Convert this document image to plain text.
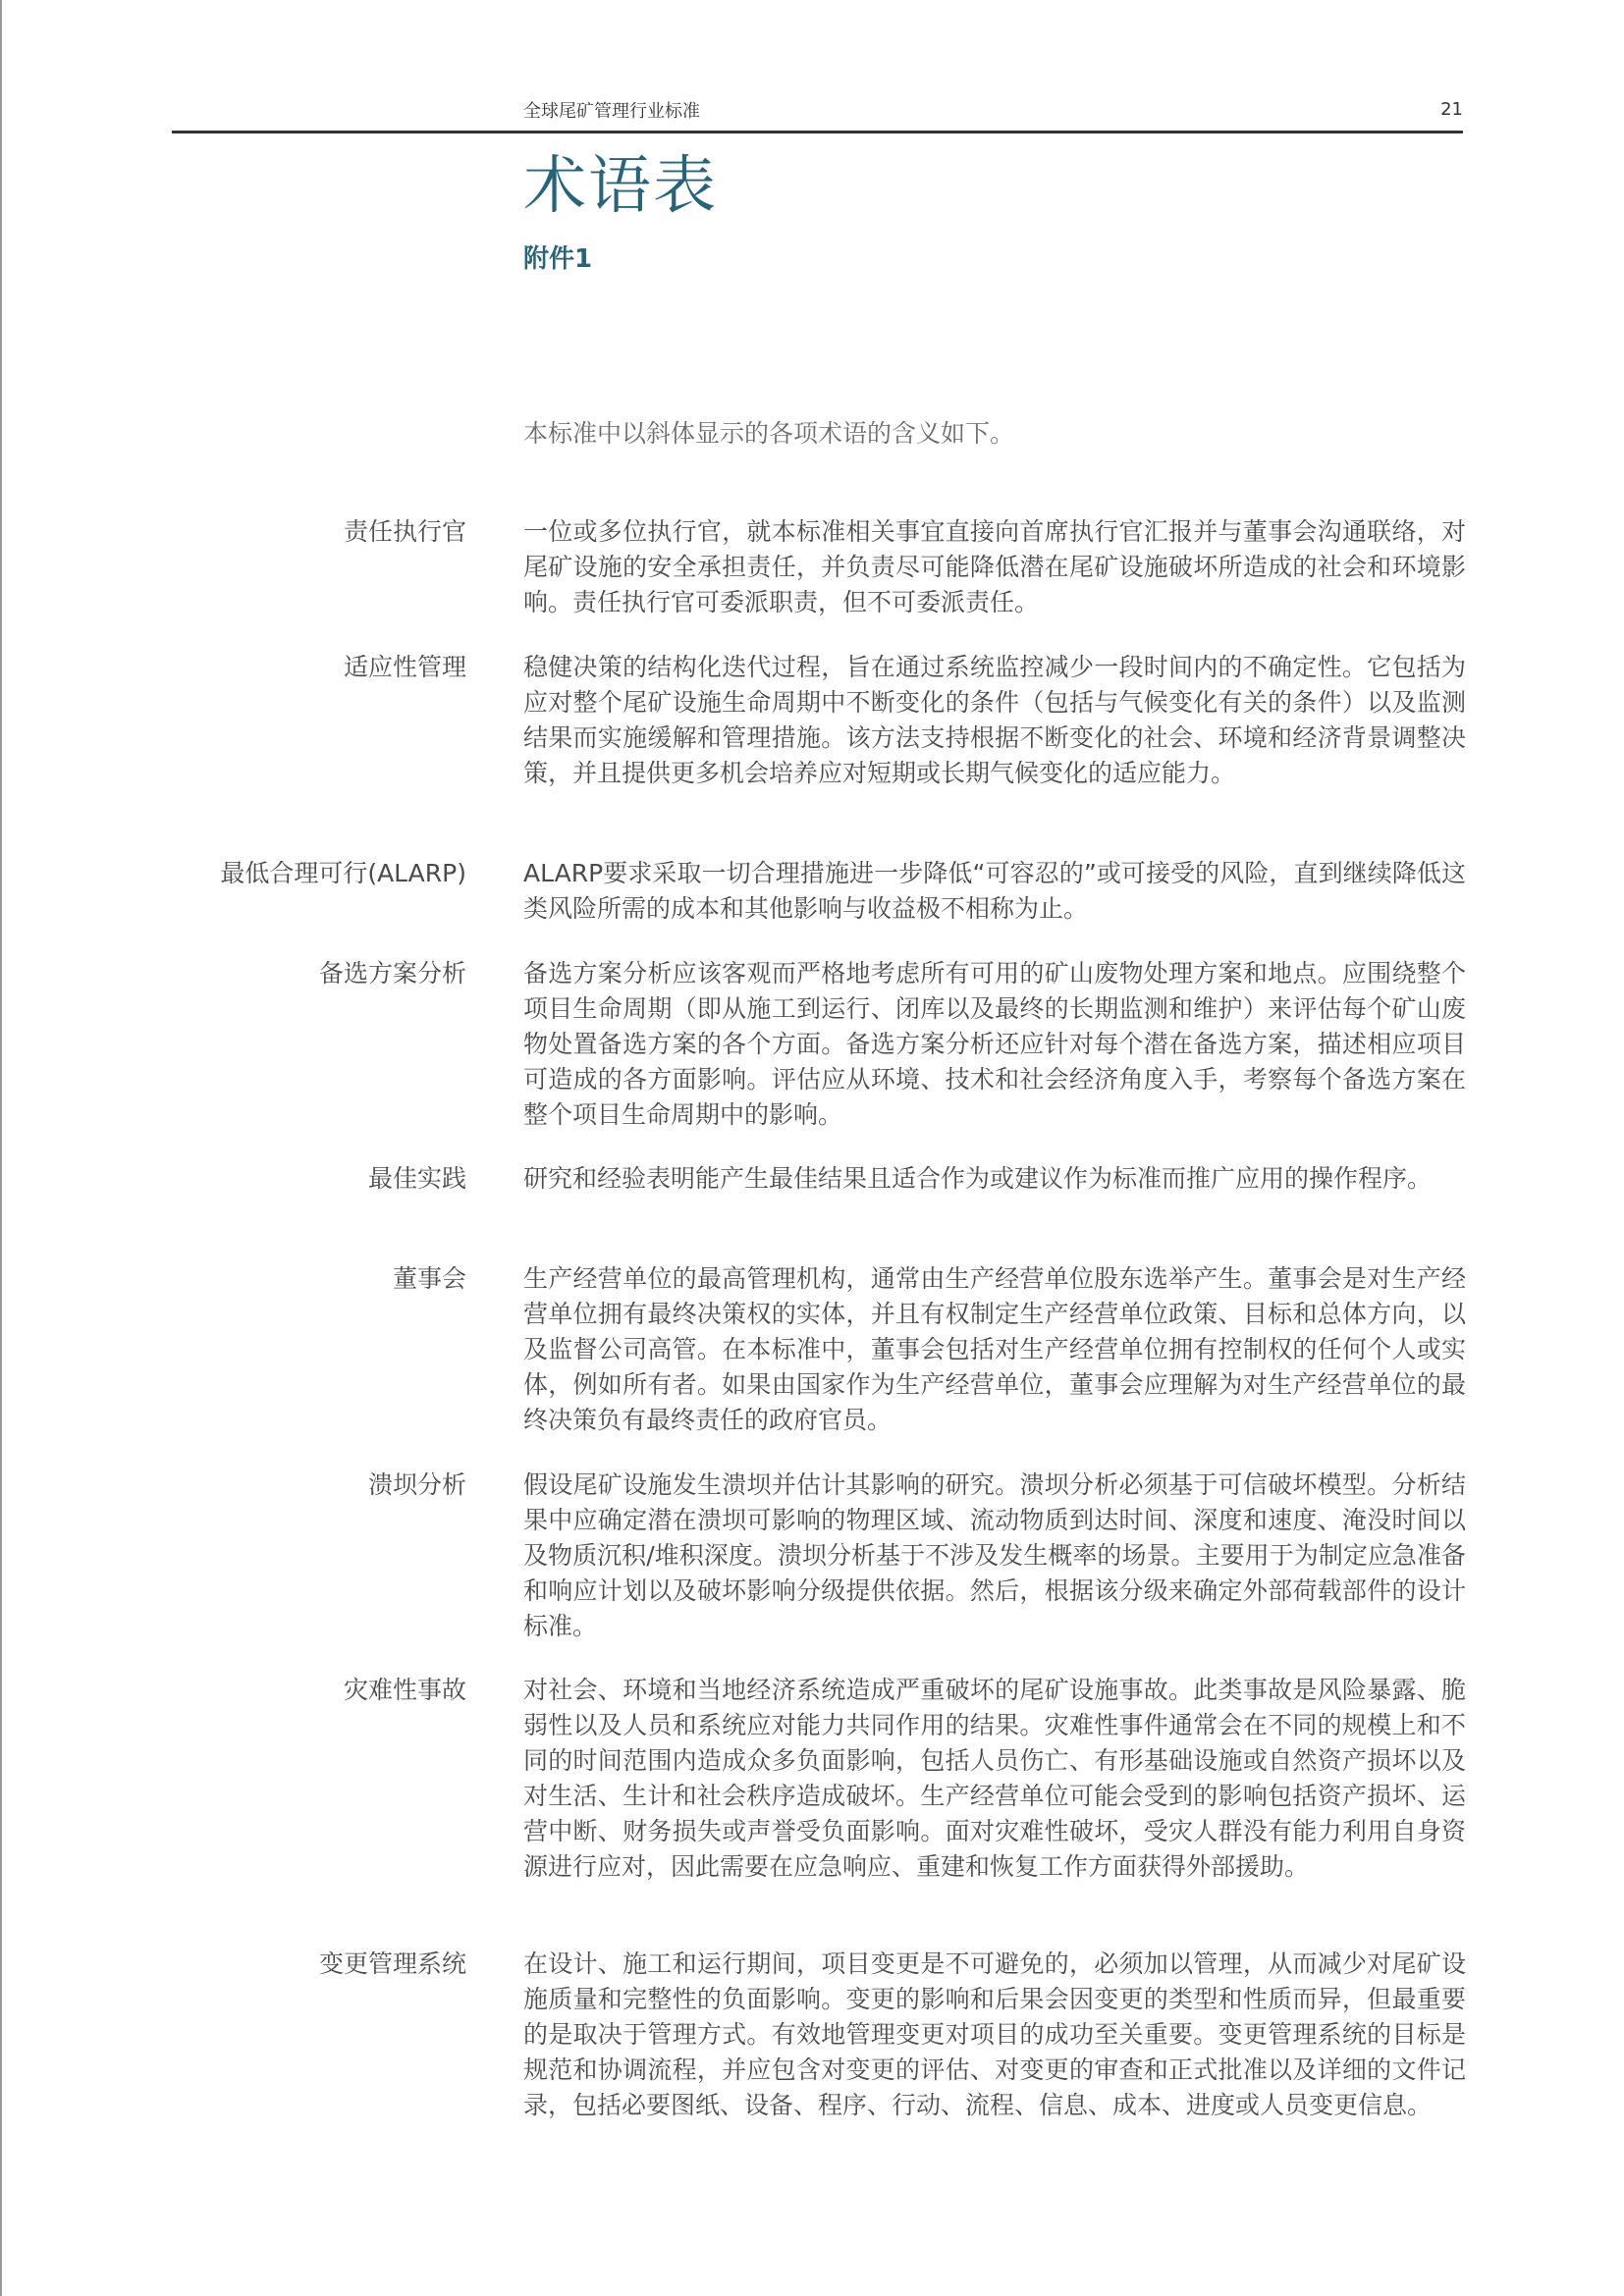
全球尾矿管理行业标准	21
术语表
附件1
本标准中以斜体显示的各项术语的含义如下。
责任执行官 一位或多位执行官，就本标准相关事宜直接向首席执行官汇报并与董事会沟通联络，对尾矿设施的安全承担责任，并负责尽可能降低潜在尾矿设施破坏所造成的社会和环境影响。责任执行官可委派职责，但不可委派责任。
适应性管理 稳健决策的结构化迭代过程，旨在通过系统监控减少一段时间内的不确定性。它包括为应对整个尾矿设施生命周期中不断变化的条件（包括与气候变化有关的条件）以及监测结果而实施缓解和管理措施。该方法支持根据不断变化的社会、环境和经济背景调整决策，并且提供更多机会培养应对短期或长期气候变化的适应能力。
最低合理可行(ALARP) ALARP要求采取一切合理措施进一步降低“可容忍的”或可接受的风险，直到继续降低这类风险所需的成本和其他影响与收益极不相称为止。
备选方案分析 备选方案分析应该客观而严格地考虑所有可用的矿山废物处理方案和地点。应围绕整个项目生命周期（即从施工到运行、闭库以及最终的长期监测和维护）来评估每个矿山废物处置备选方案的各个方面。备选方案分析还应针对每个潜在备选方案，描述相应项目可造成的各方面影响。评估应从环境、技术和社会经济角度入手，考察每个备选方案在整个项目生命周期中的影响。
最佳实践 研究和经验表明能产生最佳结果且适合作为或建议作为标准而推广应用的操作程序。
董事会 生产经营单位的最高管理机构，通常由生产经营单位股东选举产生。董事会是对生产经营单位拥有最终决策权的实体，并且有权制定生产经营单位政策、目标和总体方向，以及监督公司高管。在本标准中，董事会包括对生产经营单位拥有控制权的任何个人或实体，例如所有者。如果由国家作为生产经营单位，董事会应理解为对生产经营单位的最终决策负有最终责任的政府官员。
溃坝分析 假设尾矿设施发生溃坝并估计其影响的研究。溃坝分析必须基于可信破坏模型。分析结果中应确定潜在溃坝可影响的物理区域、流动物质到达时间、深度和速度、淹没时间以及物质沉积/堆积深度。溃坝分析基于不涉及发生概率的场景。主要用于为制定应急准备和响应计划以及破坏影响分级提供依据。然后，根据该分级来确定外部荷载部件的设计标准。
灾难性事故 对社会、环境和当地经济系统造成严重破坏的尾矿设施事故。此类事故是风险暴露、脆弱性以及人员和系统应对能力共同作用的结果。灾难性事件通常会在不同的规模上和不同的时间范围内造成众多负面影响，包括人员伤亡、有形基础设施或自然资产损坏以及对生活、生计和社会秩序造成破坏。生产经营单位可能会受到的影响包括资产损坏、运营中断、财务损失或声誉受负面影响。面对灾难性破坏，受灾人群没有能力利用自身资源进行应对，因此需要在应急响应、重建和恢复工作方面获得外部援助。
变更管理系统 在设计、施工和运行期间，项目变更是不可避免的，必须加以管理，从而减少对尾矿设施质量和完整性的负面影响。变更的影响和后果会因变更的类型和性质而异，但最重要的是取决于管理方式。有效地管理变更对项目的成功至关重要。变更管理系统的目标是规范和协调流程，并应包含对变更的评估、对变更的审查和正式批准以及详细的文件记录，包括必要图纸、设备、程序、行动、流程、信息、成本、进度或人员变更信息。
